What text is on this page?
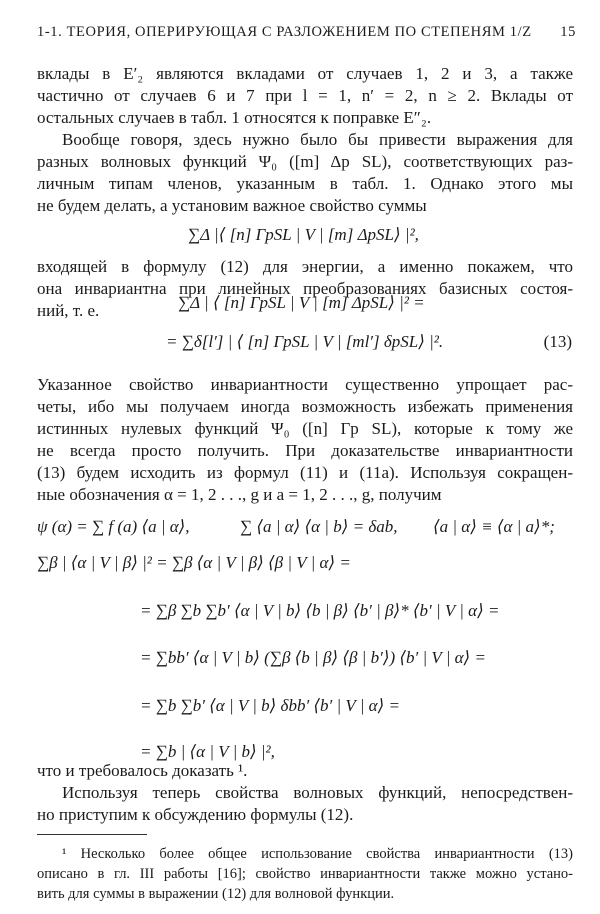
1-1. ТЕОРИЯ, ОПЕРИРУЮЩАЯ С РАЗЛОЖЕНИЕМ ПО СТЕПЕНЯМ 1/Z 15
вклады в E′₂ являются вкладами от случаев 1, 2 и 3, а также
частично от случаев 6 и 7 при l = 1, n′ = 2, n ≥ 2. Вклады от
остальных случаев в табл. 1 относятся к поправке E″₂.
Вообще говоря, здесь нужно было бы привести выражения для
разных волновых функций Ψ₀ ([m] Δp SL), соответствующих раз-
личным типам членов, указанным в табл. 1. Однако этого мы
не будем делать, а установим важное свойство суммы
∑Δ |⟨ [n] ΓpSL | V | [m] ΔpSL⟩ |²,
входящей в формулу (12) для энергии, а именно покажем, что
она инвариантна при линейных преобразованиях базисных состоя-
ний, т. е.	∑Δ | ⟨ [n] ΓpSL | V | [m] ΔpSL⟩ |² =
= ∑δ[l′] | ⟨ [n] ΓpSL | V | [ml′] δpSL⟩ |².	(13)
Указанное свойство инвариантности существенно упрощает рас-
четы, ибо мы получаем иногда возможность избежать применения
истинных нулевых функций Ψ₀ ([n] Γp SL), которые к тому же
не всегда просто получить. При доказательстве инвариантности
(13) будем исходить из формул (11) и (11a). Используя сокращен-
ные обозначения α = 1, 2 . . ., g и a = 1, 2 . . ., g, получим
ψ (α) = ∑ f (a) ⟨a | α⟩,	∑ ⟨a | α⟩ ⟨α | b⟩ = δab, ⟨a | α⟩ ≡ ⟨α | a⟩*;
∑β | ⟨α | V | β⟩ |² = ∑β ⟨α | V | β⟩ ⟨β | V | α⟩ =
= ∑β ∑b ∑b′ ⟨α | V | b⟩ ⟨b | β⟩ ⟨b′ | β⟩* ⟨b′ | V | α⟩ =
= ∑bb′ ⟨α | V | b⟩ (∑β ⟨b | β⟩ ⟨β | b′⟩) ⟨b′ | V | α⟩ =
= ∑b ∑b′ ⟨α | V | b⟩ δbb′ ⟨b′ | V | α⟩ =
= ∑b | ⟨α | V | b⟩ |²,
что и требовалось доказать ¹.
Используя теперь свойства волновых функций, непосредствен-
но приступим к обсуждению формулы (12).
¹ Несколько более общее использование свойства инвариантности (13)
описано в гл. III работы [16]; свойство инвариантности также можно устано-
вить для суммы в выражении (12) для волновой функции.
